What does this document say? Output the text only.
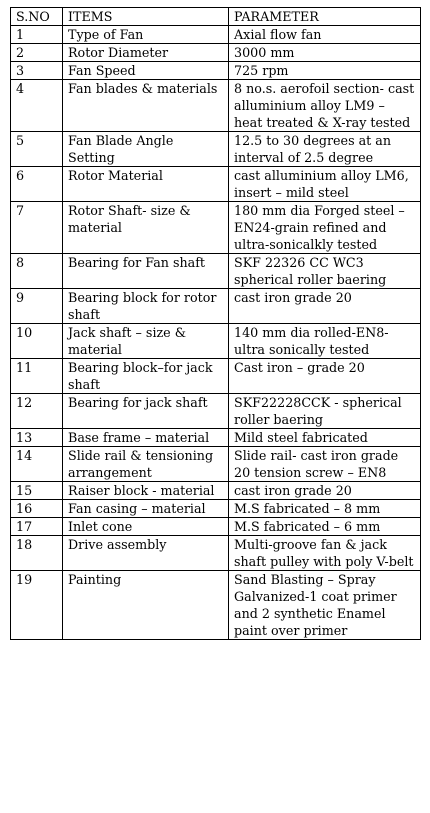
S.NO	ITEMS	PARAMETER
1	Type of Fan	Axial flow fan
2	Rotor Diameter	3000 mm
3	Fan Speed	725 rpm
4	Fan blades & materials	8 no.s. aerofoil section- cast alluminium alloy LM9 – heat treated & X-ray tested
5	Fan Blade Angle Setting	12.5 to 30 degrees at an interval of 2.5 degree
6	Rotor Material	cast alluminium alloy LM6, insert – mild steel
7	Rotor Shaft- size & material	180 mm dia Forged steel – EN24-grain refined and ultra-sonicalkly tested
8	Bearing for Fan shaft	SKF 22326 CC WC3 spherical roller baering
9	Bearing block for rotor shaft	cast iron grade 20
10	Jack shaft – size & material	140 mm dia rolled-EN8- ultra sonically tested
11	Bearing block–for jack shaft	Cast iron – grade 20
12	Bearing for jack shaft	SKF22228CCK - spherical roller baering
13	Base frame – material	Mild steel fabricated
14	Slide rail & tensioning arrangement	Slide rail- cast iron grade 20 tension screw – EN8
15	Raiser block - material	cast iron grade 20
16	Fan casing – material	M.S fabricated – 8 mm
17	Inlet cone	M.S fabricated – 6 mm
18	Drive assembly	Multi-groove fan & jack shaft pulley with poly V-belt
19	Painting	Sand Blasting – Spray Galvanized-1 coat primer and 2 synthetic Enamel paint over primer
